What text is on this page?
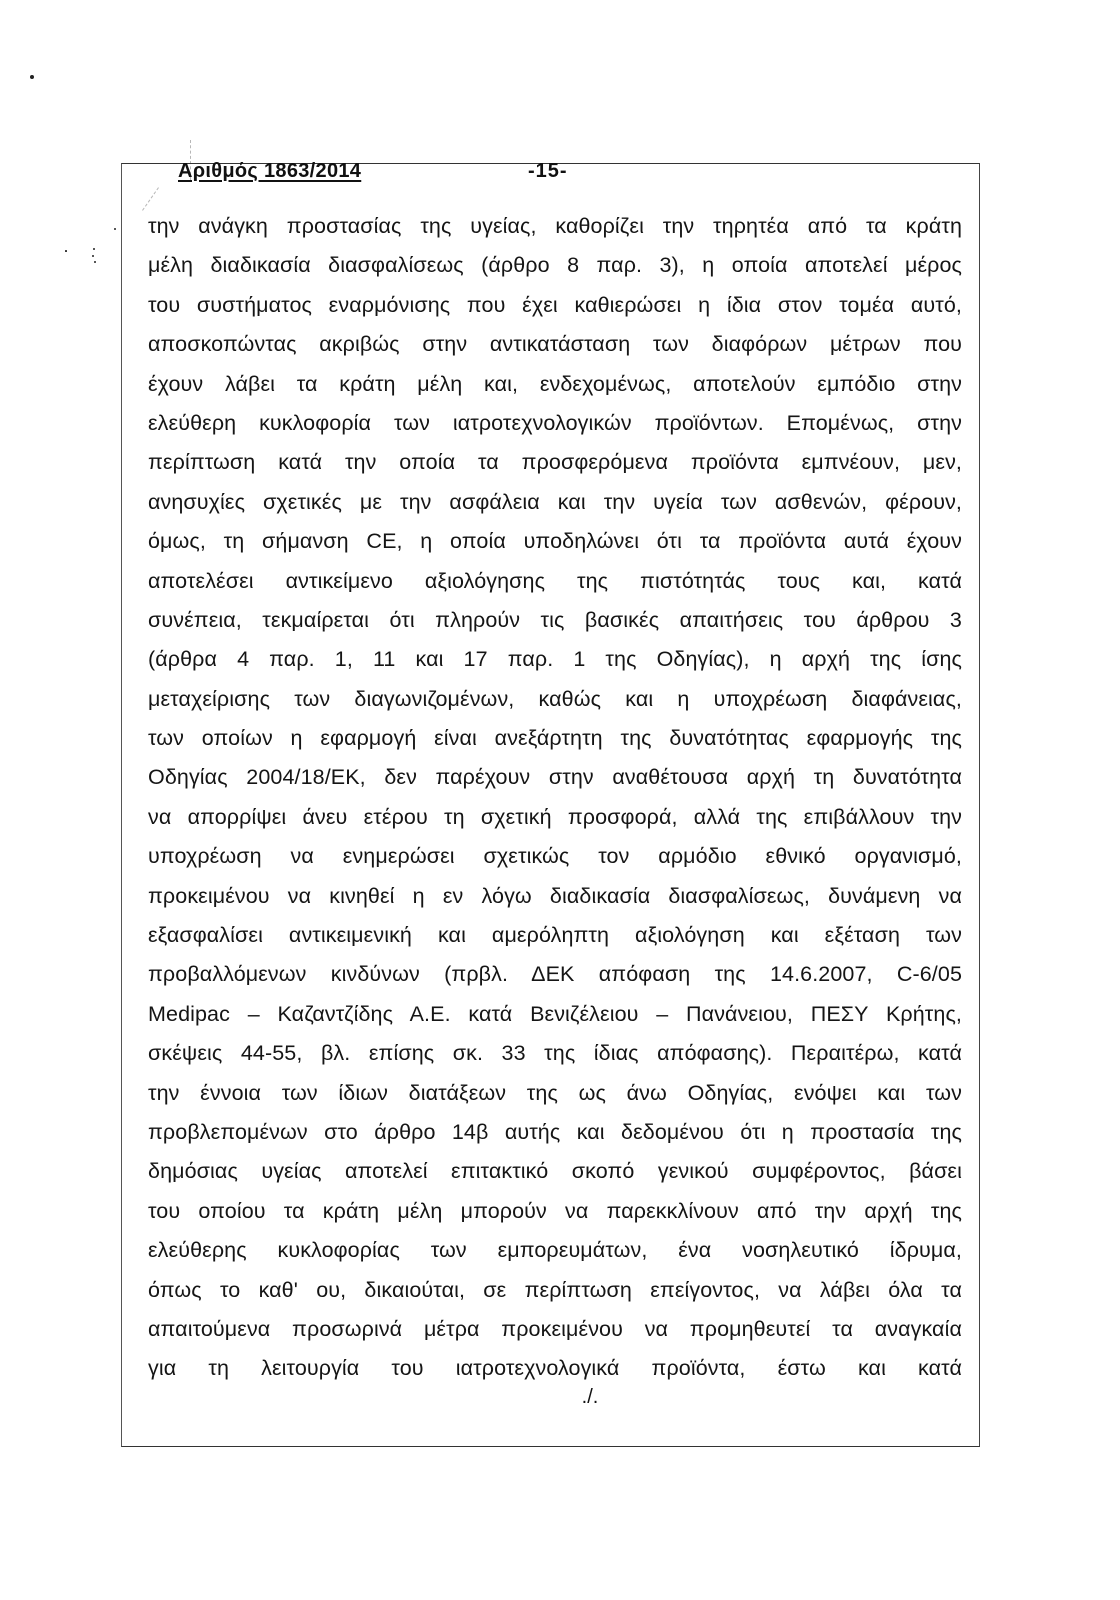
Αριθμός 1863/2014	-15-
την ανάγκη προστασίας της υγείας, καθορίζει την τηρητέα από τα κράτη
μέλη διαδικασία διασφαλίσεως (άρθρο 8 παρ. 3), η οποία αποτελεί μέρος
του συστήματος εναρμόνισης που έχει καθιερώσει η ίδια στον τομέα αυτό,
αποσκοπώντας ακριβώς στην αντικατάσταση των διαφόρων μέτρων που
έχουν λάβει τα κράτη μέλη και, ενδεχομένως, αποτελούν εμπόδιο στην
ελεύθερη κυκλοφορία των ιατροτεχνολογικών προϊόντων. Επομένως, στην
περίπτωση κατά την οποία τα προσφερόμενα προϊόντα εμπνέουν, μεν,
ανησυχίες σχετικές με την ασφάλεια και την υγεία των ασθενών, φέρουν,
όμως, τη σήμανση CE, η οποία υποδηλώνει ότι τα προϊόντα αυτά έχουν
αποτελέσει αντικείμενο αξιολόγησης της πιστότητάς τους και, κατά
συνέπεια, τεκμαίρεται ότι πληρούν τις βασικές απαιτήσεις του άρθρου 3
(άρθρα 4 παρ. 1, 11 και 17 παρ. 1 της Οδηγίας), η αρχή της ίσης
μεταχείρισης των διαγωνιζομένων, καθώς και η υποχρέωση διαφάνειας,
των οποίων η εφαρμογή είναι ανεξάρτητη της δυνατότητας εφαρμογής της
Οδηγίας 2004/18/ΕΚ, δεν παρέχουν στην αναθέτουσα αρχή τη δυνατότητα
να απορρίψει άνευ ετέρου τη σχετική προσφορά, αλλά της επιβάλλουν την
υποχρέωση να ενημερώσει σχετικώς τον αρμόδιο εθνικό οργανισμό,
προκειμένου να κινηθεί η εν λόγω διαδικασία διασφαλίσεως, δυνάμενη να
εξασφαλίσει αντικειμενική και αμερόληπτη αξιολόγηση και εξέταση των
προβαλλόμενων κινδύνων (πρβλ. ΔΕΚ απόφαση της 14.6.2007, C-6/05
Medipac – Καζαντζίδης Α.Ε. κατά Βενιζέλειου – Πανάνειου, ΠΕΣΥ Κρήτης,
σκέψεις 44-55, βλ. επίσης σκ. 33 της ίδιας απόφασης). Περαιτέρω, κατά
την έννοια των ίδιων διατάξεων της ως άνω Οδηγίας, ενόψει και των
προβλεπομένων στο άρθρο 14β αυτής και δεδομένου ότι η προστασία της
δημόσιας υγείας αποτελεί επιτακτικό σκοπό γενικού συμφέροντος, βάσει
του οποίου τα κράτη μέλη μπορούν να παρεκκλίνουν από την αρχή της
ελεύθερης κυκλοφορίας των εμπορευμάτων, ένα νοσηλευτικό ίδρυμα,
όπως το καθ' ου, δικαιούται, σε περίπτωση επείγοντος, να λάβει όλα τα
απαιτούμενα προσωρινά μέτρα προκειμένου να προμηθευτεί τα αναγκαία
για τη λειτουργία του ιατροτεχνολογικά προϊόντα, έστω και κατά
./.
